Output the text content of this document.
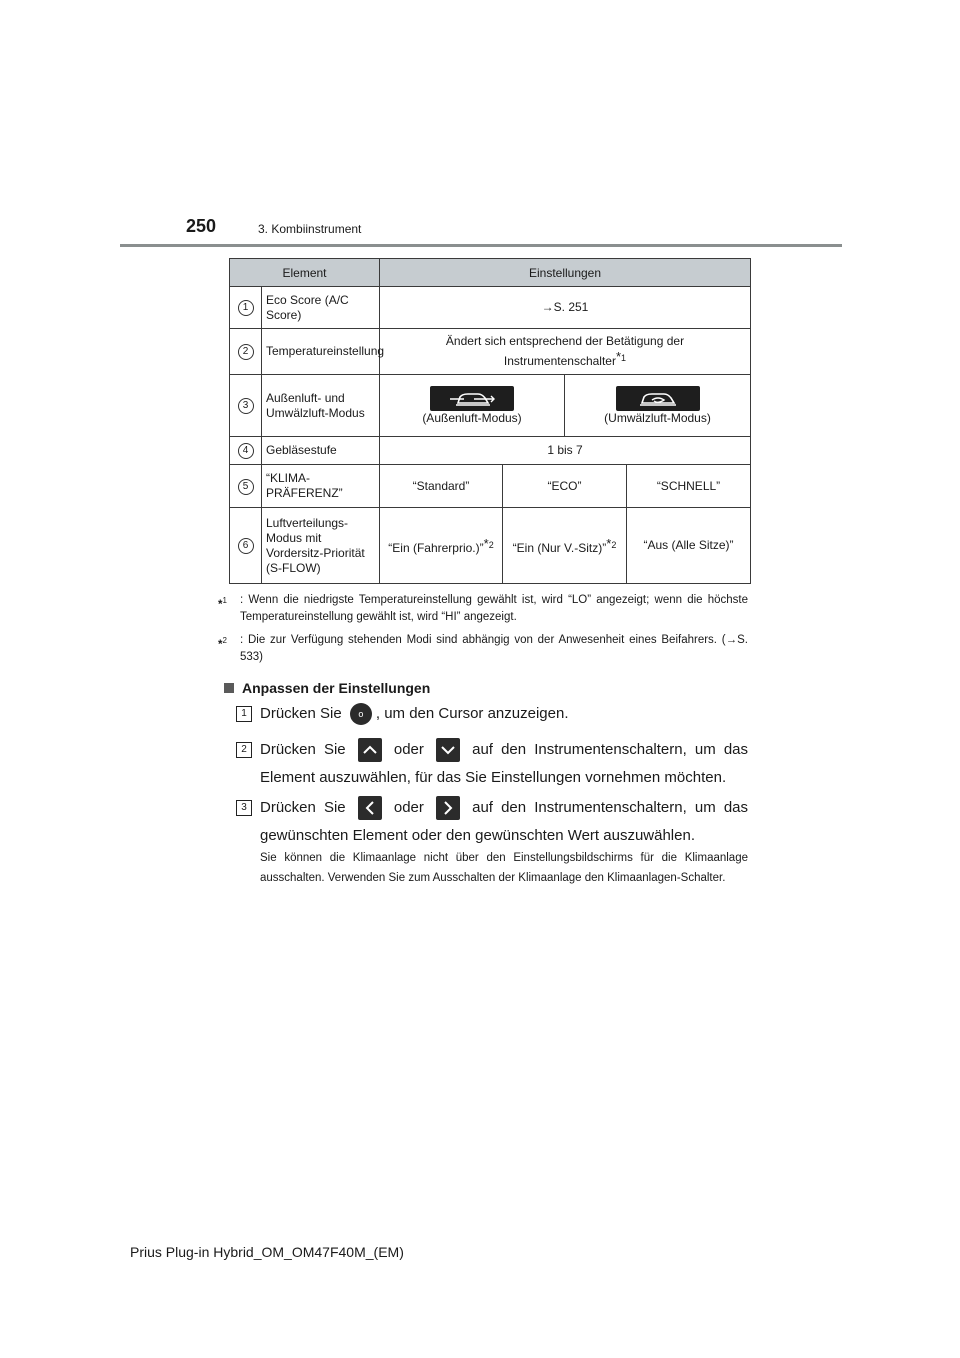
250	3. Kombiinstrument
Element		Einstellungen			
1	Eco Score (A/C Score)	→S. 251			
2	Temperatureinstellung	Ändert sich entsprechend der Betätigung der Instrumentenschalter$^{*1}$
3	Außenluft- und Umwälzluft-Modus	(Außenluft-Modus)		(Umwälzluft-Modus)	
4	Gebläsestufe	1 bis 7			
5	“KLIMA-PRÄFERENZ”	“Standard”	“ECO”		“SCHNELL”
6	Luftverteilungs-Modus mit Vordersitz-Priorität (S-FLOW)	“Ein (Fahrerprio.)”$^{*2}$	“Ein (Nur V.-Sitz)”$^{*2}$		“Aus (Alle Sitze)”
*$^1$	: Wenn die niedrigste Temperatureinstellung gewählt ist, wird “LO” angezeigt; wenn die höchste Temperatureinstellung gewählt ist, wird “HI” angezeigt.
*$^2$	: Die zur Verfügung stehenden Modi sind abhängig von der Anwesenheit eines Beifahrers. (→S. 533)
Anpassen der Einstellungen
1 Drücken Sie o , um den Cursor anzuzeigen.
2 Drücken Sie	oder	auf den Instrumentenschaltern, um das Element auszuwählen, für das Sie Einstellungen vornehmen möchten.
3 Drücken Sie	oder	auf den Instrumentenschaltern, um das gewünschten Element oder den gewünschten Wert auszuwählen.
Sie können die Klimaanlage nicht über den Einstellungsbildschirms für die Klimaanlage ausschalten. Verwenden Sie zum Ausschalten der Klimaanlage den Klimaanlagen-Schalter.
Prius Plug-in Hybrid_OM_OM47F40M_(EM)
